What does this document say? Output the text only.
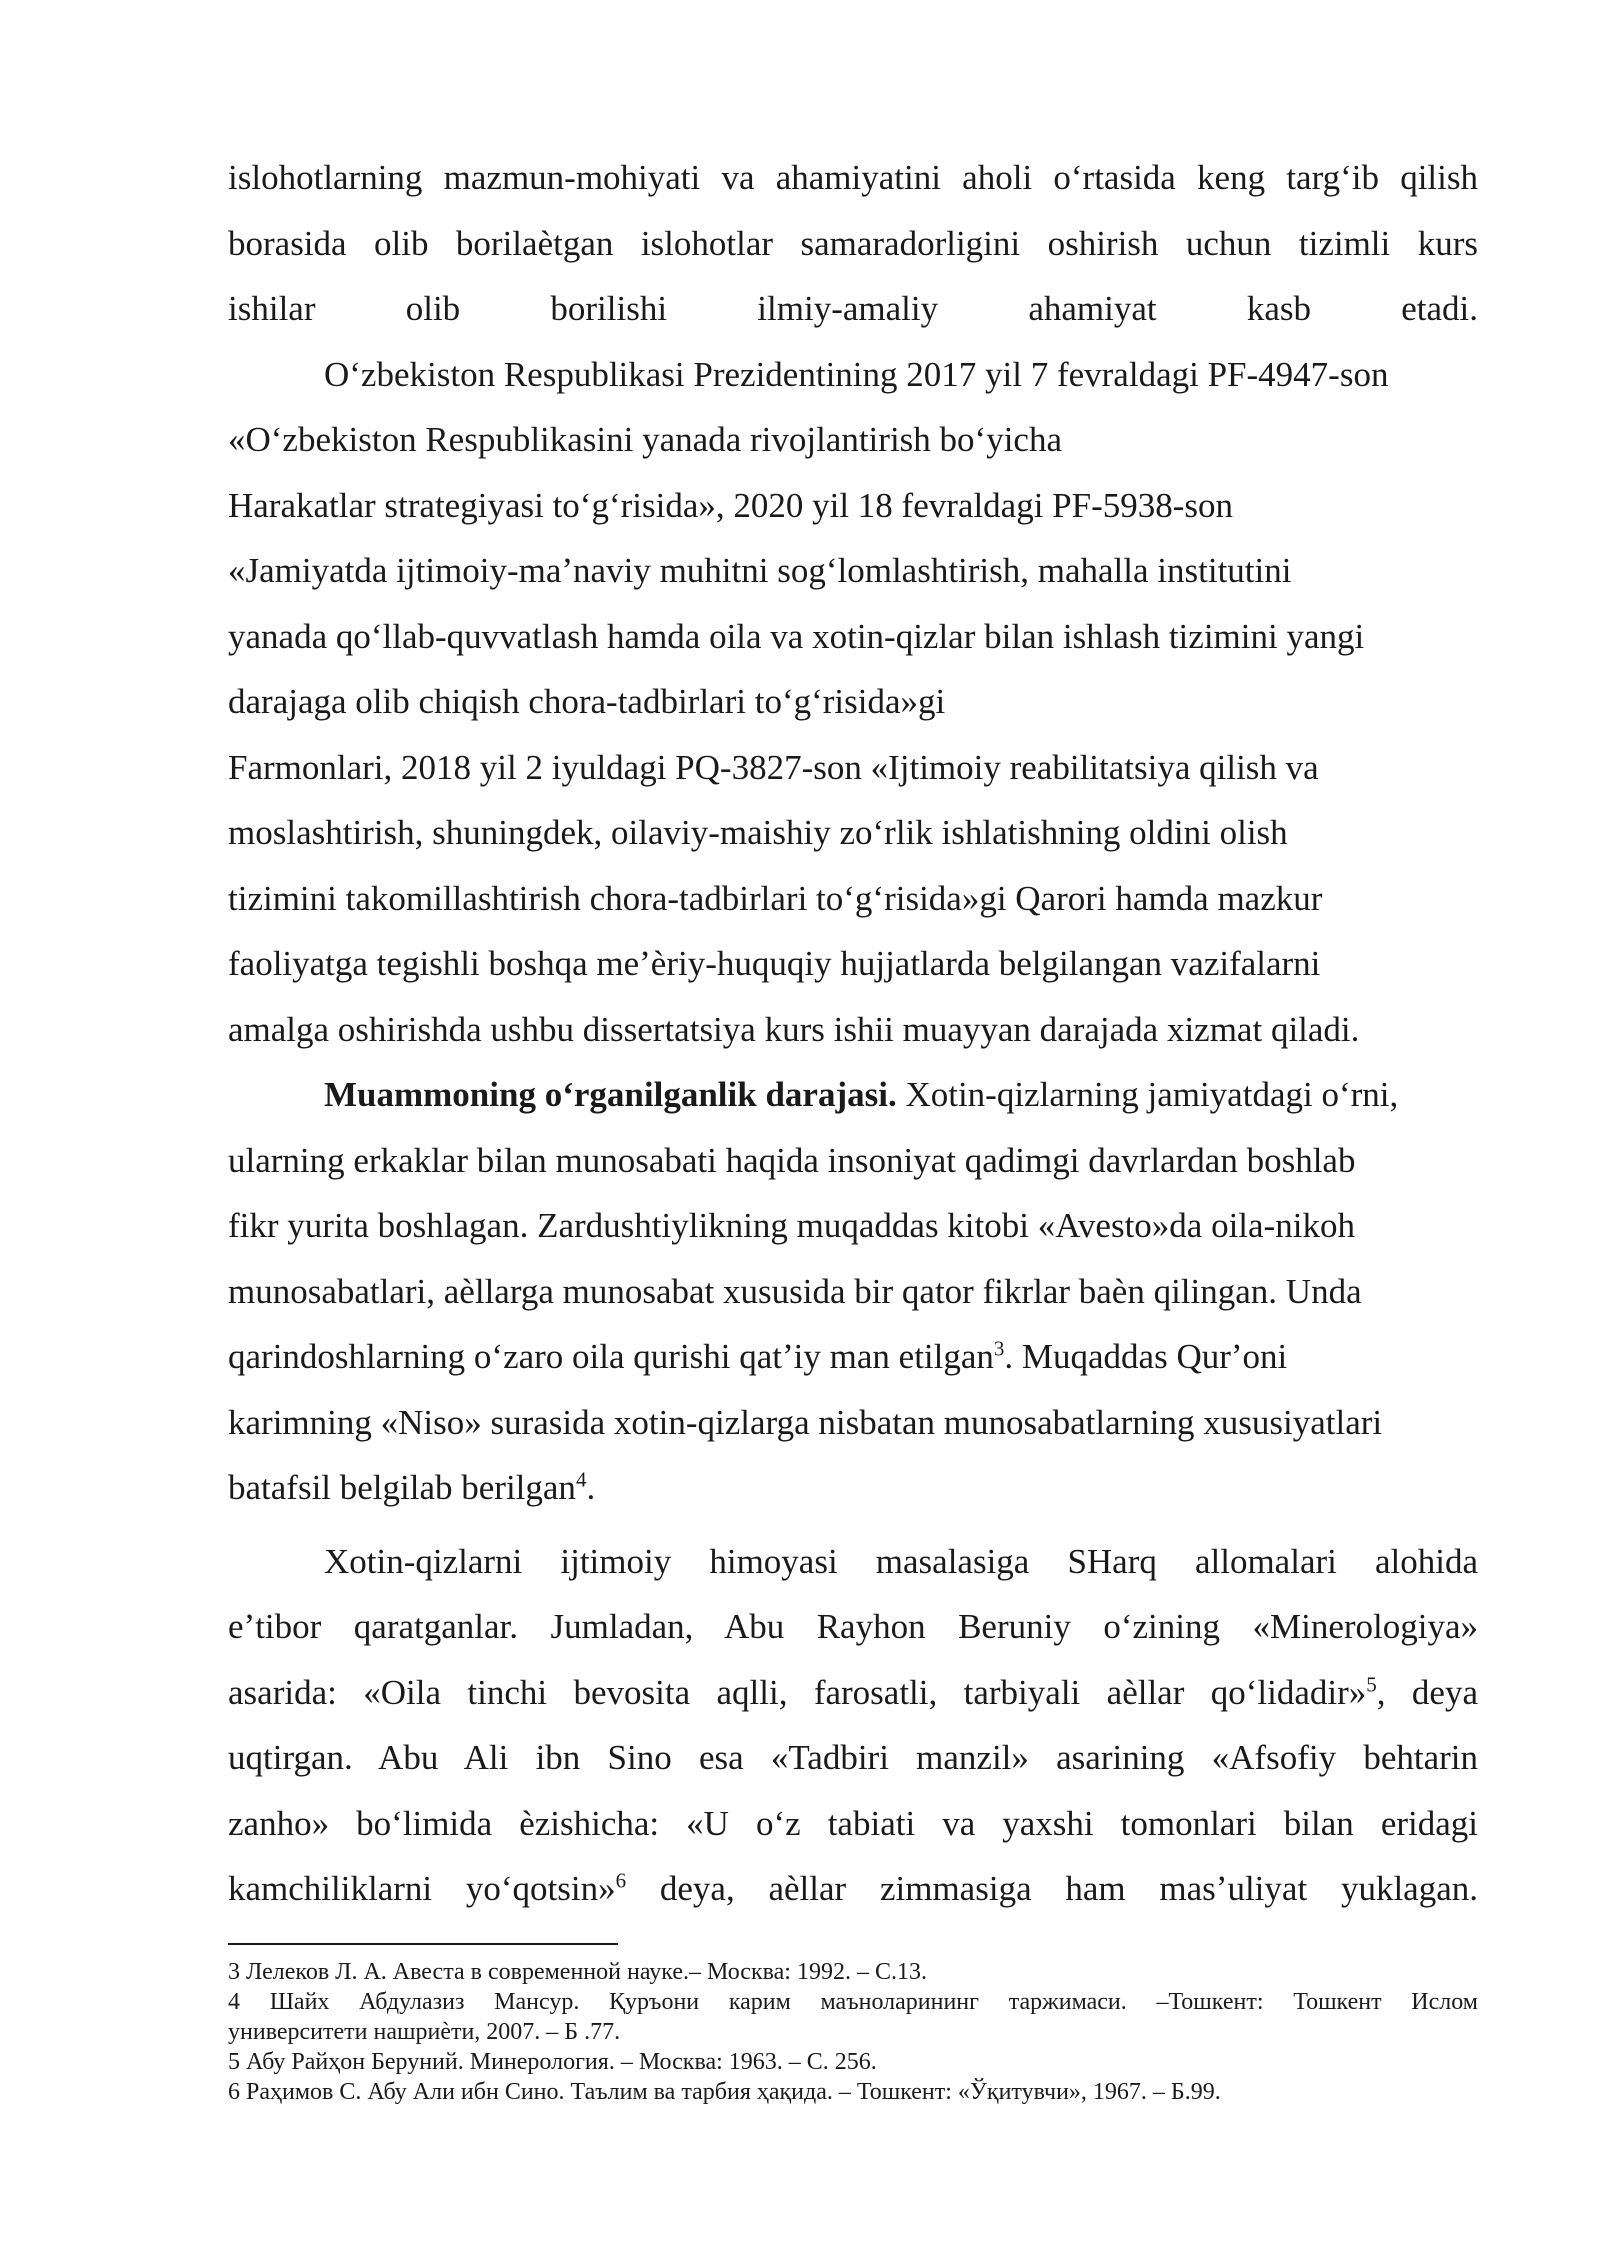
islohotlarning mazmun-mohiyati va ahamiyatini aholi oʻrtasida keng targʻib qilish
borasida olib borilaѐtgan islohotlar samaradorligini oshirish uchun tizimli kurs
ishilar olib borilishi ilmiy-amaliy ahamiyat kasb etadi.

Oʻzbekiston Respublikasi Prezidentining 2017 yil 7 fevraldagi PF-4947-son
«Oʻzbekiston Respublikasini yanada rivojlantirish boʻyicha

Harakatlar strategiyasi toʻgʻrisida», 2020 yil 18 fevraldagi PF-5938-son
«Jamiyatda ijtimoiy-maʼnaviy muhitni sogʻlomlashtirish, mahalla institutini
yanada qoʻllab-quvvatlash hamda oila va xotin-qizlar bilan ishlash tizimini yangi
darajaga olib chiqish chora-tadbirlari toʻgʻrisida»gi

Farmonlari, 2018 yil 2 iyuldagi PQ-3827-son «Ijtimoiy reabilitatsiya qilish va
moslashtirish, shuningdek, oilaviy-maishiy zoʻrlik ishlatishning oldini olish
tizimini takomillashtirish chora-tadbirlari toʻgʻrisida»gi Qarori hamda mazkur
faoliyatga tegishli boshqa meʼѐriy-huquqiy hujjatlarda belgilangan vazifalarni
amalga oshirishda ushbu dissertatsiya kurs ishii muayyan darajada xizmat qiladi.

Muammoning oʻrganilganlik darajasi. Xotin-qizlarning jamiyatdagi oʻrni,
ularning erkaklar bilan munosabati haqida insoniyat qadimgi davrlardan boshlab
fikr yurita boshlagan. Zardushtiylikning muqaddas kitobi «Avesto»da oila-nikoh
munosabatlari, aѐllarga munosabat xususida bir qator fikrlar baѐn qilingan. Unda
qarindoshlarning oʻzaro oila qurishi qatʼiy man etilgan$^3$. Muqaddas Qurʼoni
karimning «Niso» surasida xotin-qizlarga nisbatan munosabatlarning xususiyatlari
batafsil belgilab berilgan$^4$.

Xotin-qizlarni ijtimoiy himoyasi masalasiga SHarq allomalari alohida
eʼtibor qaratganlar. Jumladan, Abu Rayhon Beruniy oʻzining «Minerologiya»
asarida: «Oila tinchi bevosita aqlli, farosatli, tarbiyali aѐllar qoʻlidadir»$^5$, deya
uqtirgan. Abu Ali ibn Sino esa «Tadbiri manzil» asarining «Afsofiy behtarin
zanho» boʻlimida ѐzishicha: «U oʻz tabiati va yaxshi tomonlari bilan eridagi
kamchiliklarni yoʻqotsin»$^6$ deya, aѐllar zimmasiga ham masʼuliyat yuklagan.

3 Лелеков Л. А. Авеста в современной науке.– Москва: 1992. – С.13.

4 Шайх Абдулазиз Мансур. Қуръони карим маъноларининг таржимаси. –Тошкент: Тошкент Ислом

университети нашриѐти, 2007. – Б .77.

5 Абу Райҳон Беруний. Минерология. – Москва: 1963. – С. 256.

6 Раҳимов С. Абу Али ибн Сино. Таълим ва тарбия ҳақида. – Тошкент: «Ўқитувчи», 1967. – Б.99.
